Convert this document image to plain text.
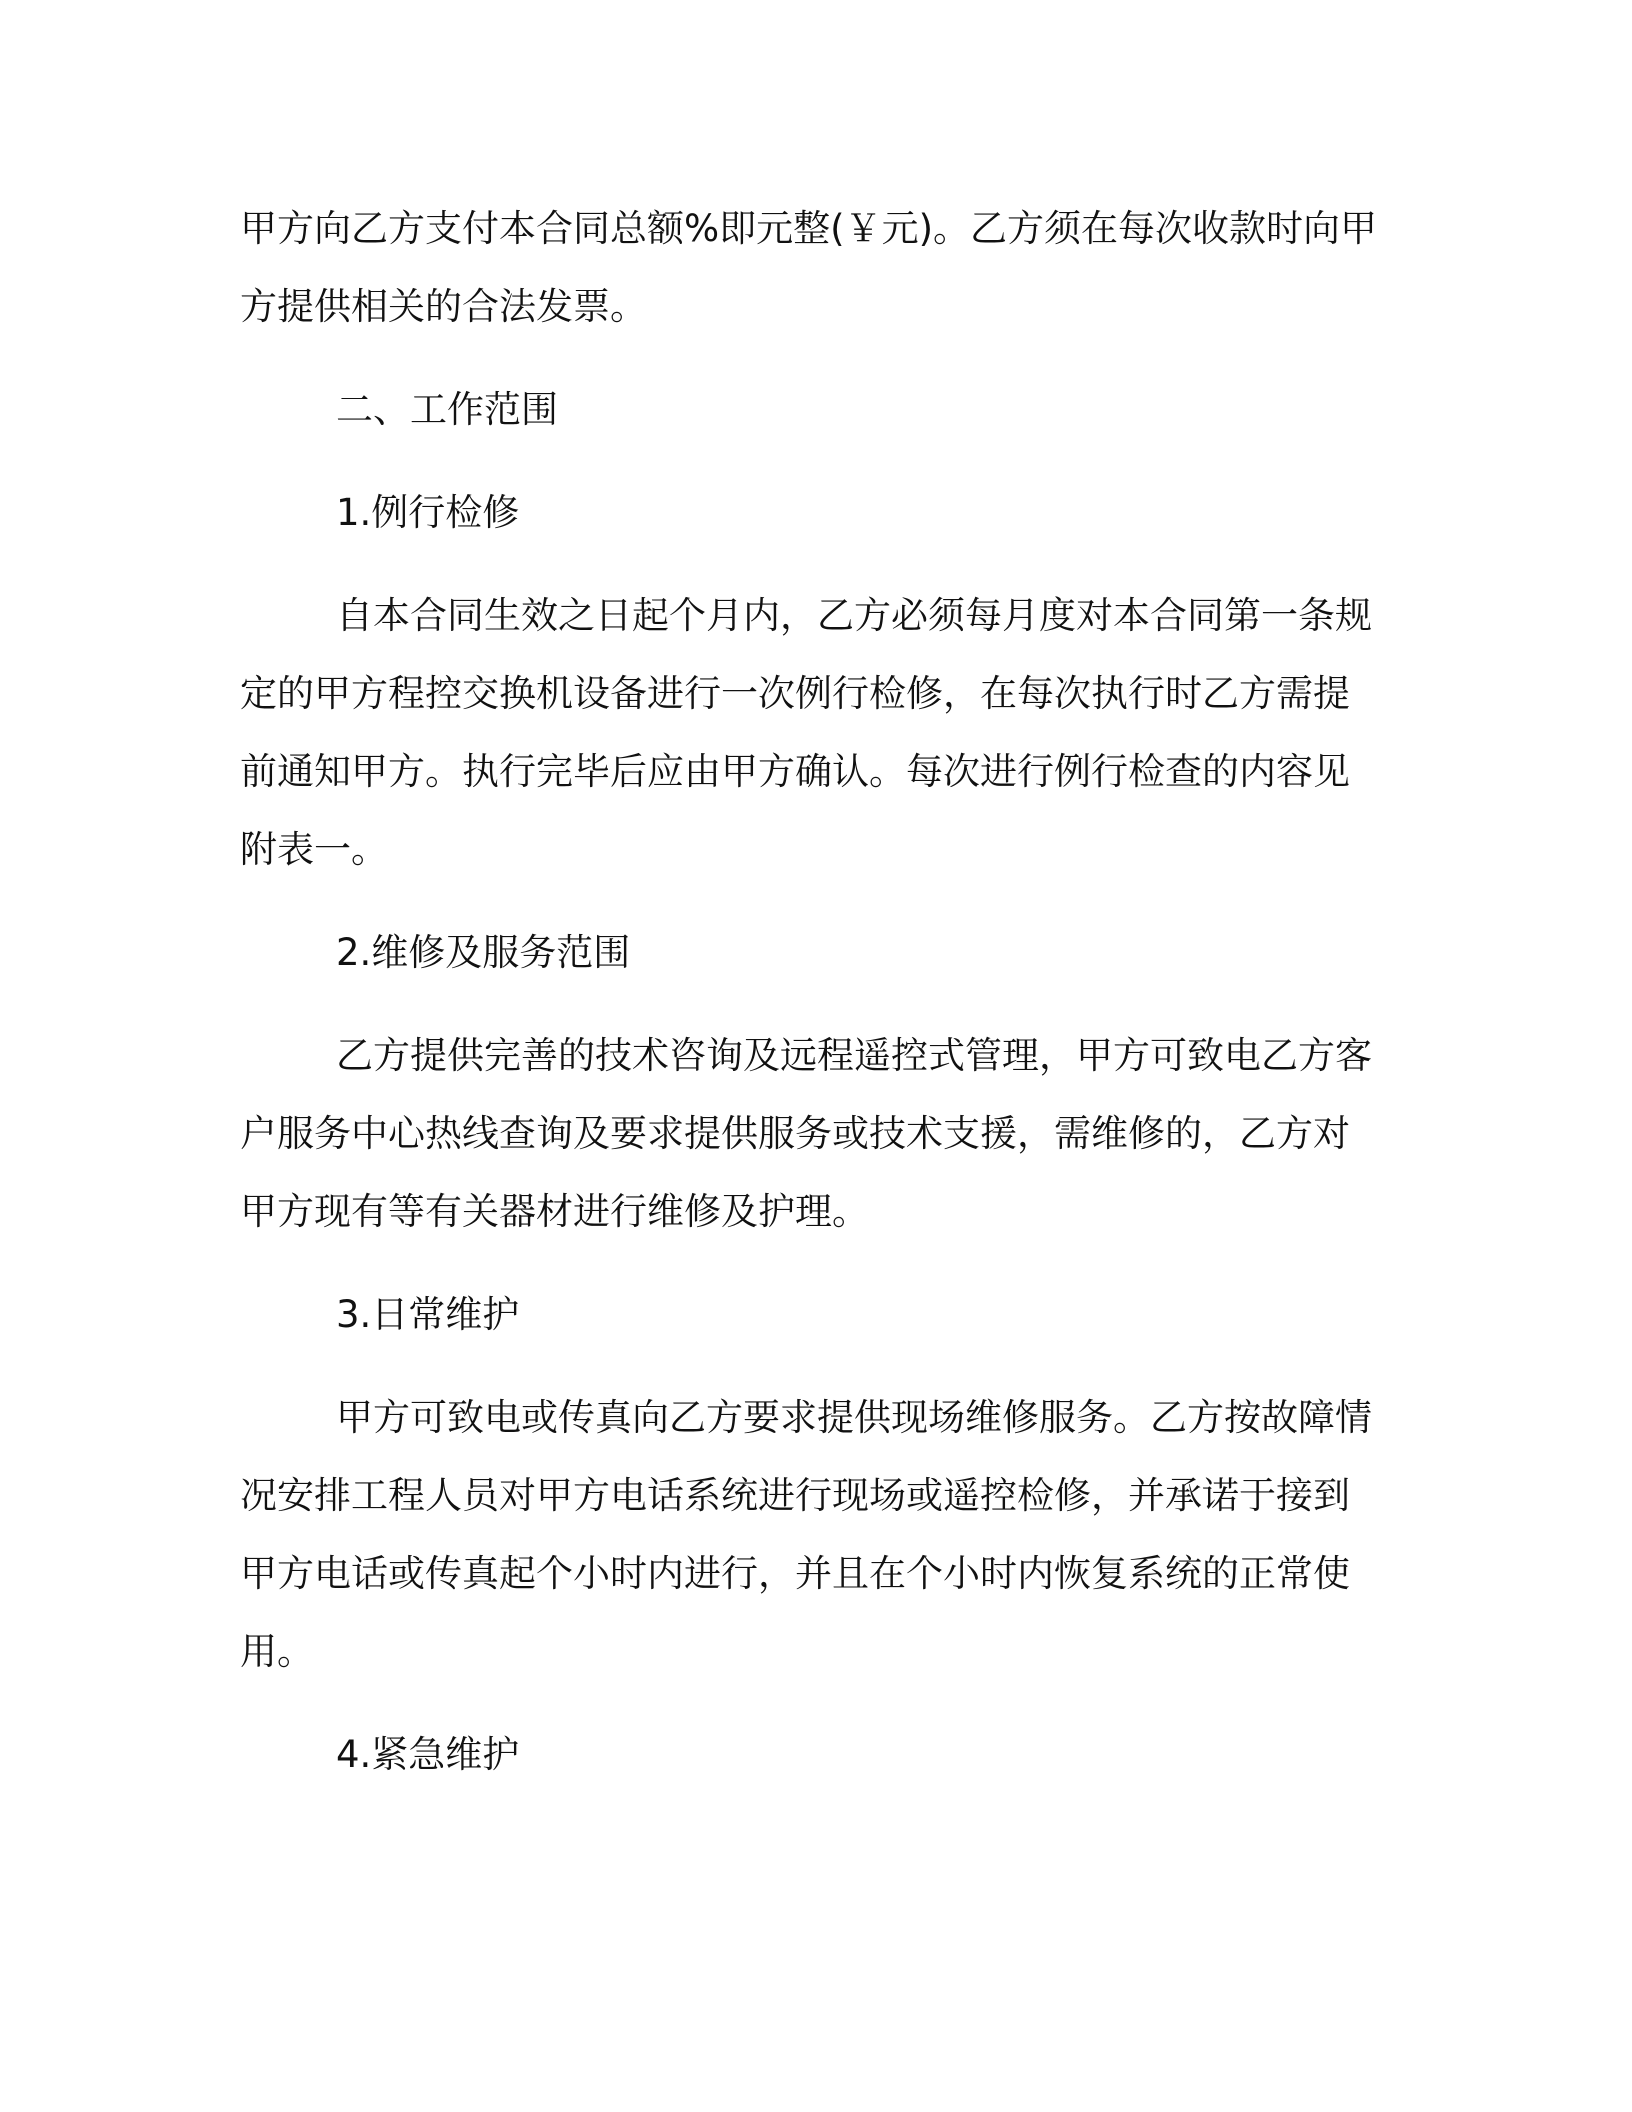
甲方向乙方支付本合同总额%即元整(￥元)。乙方须在每次收款时向甲
方提供相关的合法发票。

二、工作范围

1.例行检修

自本合同生效之日起个月内，乙方必须每月度对本合同第一条规
定的甲方程控交换机设备进行一次例行检修，在每次执行时乙方需提
前通知甲方。执行完毕后应由甲方确认。每次进行例行检查的内容见
附表一。

2.维修及服务范围

乙方提供完善的技术咨询及远程遥控式管理，甲方可致电乙方客
户服务中心热线查询及要求提供服务或技术支援，需维修的，乙方对
甲方现有等有关器材进行维修及护理。

3.日常维护

甲方可致电或传真向乙方要求提供现场维修服务。乙方按故障情
况安排工程人员对甲方电话系统进行现场或遥控检修，并承诺于接到
甲方电话或传真起个小时内进行，并且在个小时内恢复系统的正常使
用。

4.紧急维护
